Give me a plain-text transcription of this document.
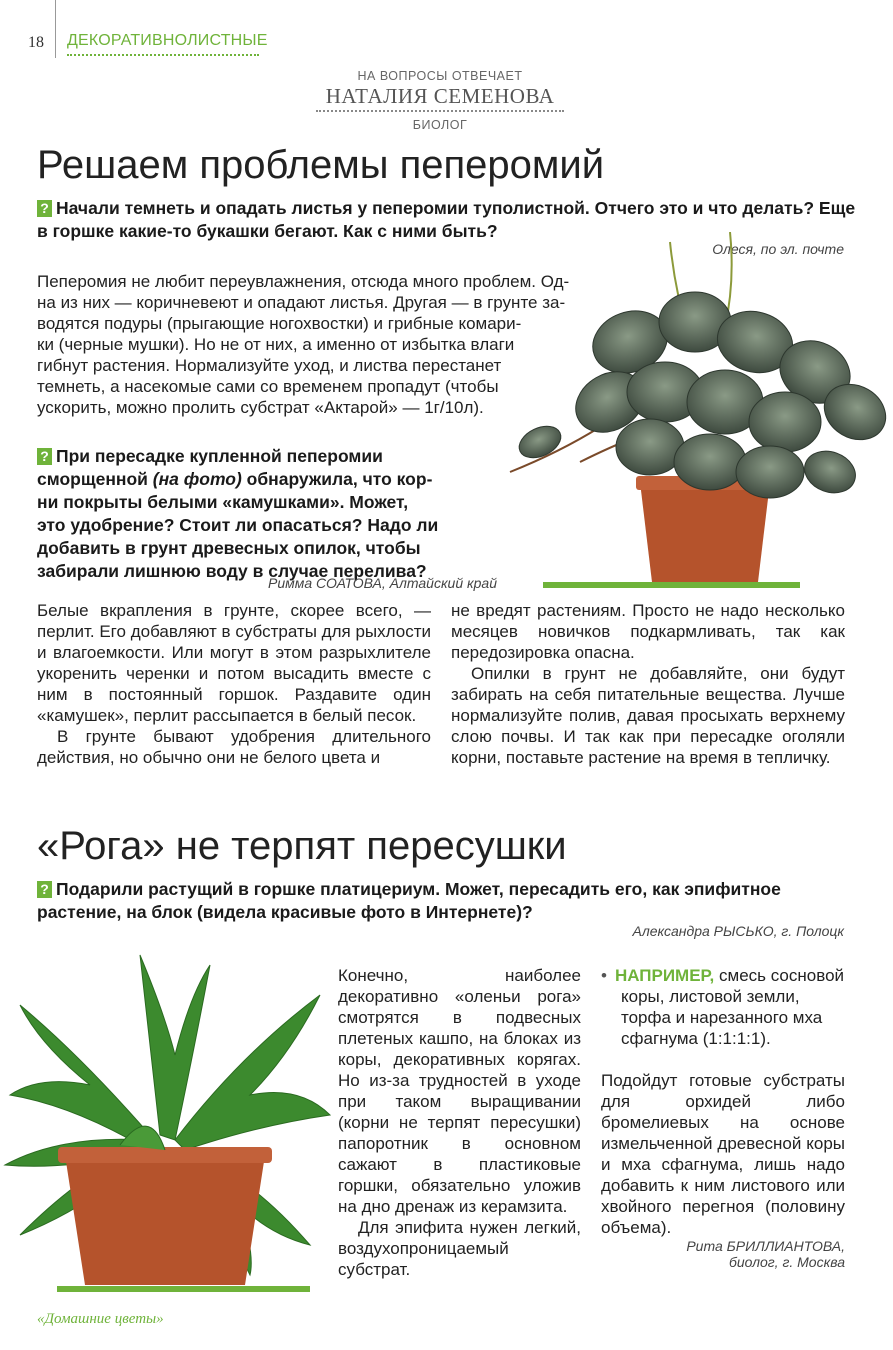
18 ДЕКОРАТИВНОЛИСТНЫЕ
НА ВОПРОСЫ ОТВЕЧАЕТ
НАТАЛИЯ СЕМЕНОВА
БИОЛОГ
Решаем проблемы пеперомий

? Начали темнеть и опадать листья у пеперомии туполистной. Отчего это и что делать? Еще в горшке какие-то букашки бегают. Как с ними быть?

Олеся, по эл. почте
Пеперомия не любит переувлажнения, отсюда много проблем. Од-
на из них — коричневеют и опадают листья. Другая — в грунте за-
водятся подуры (прыгающие ногохвостки) и грибные комари-
ки (черные мушки). Но не от них, а именно от избытка влаги
гибнут растения. Нормализуйте уход, и листва перестанет
темнеть, а насекомые сами со временем пропадут (чтобы
ускорить, можно пролить субстрат «Актарой» — 1г/10л).

? При пересадке купленной пеперомии

сморщенной (на фото) обнаружила, что кор-

ни покрыты белыми «камушками». Может,

это удобрение? Стоит ли опасаться? Надо ли

добавить в грунт древесных опилок, чтобы

забирали лишнюю воду в случае перелива?

Римма СОАТОВА, Алтайский край

Белые вкрапления в грунте, скорее всего, — перлит. Его добавляют в субстраты для рыхлости и влагоемкости. Или могут в этом разрыхлителе укоренить черенки и потом высадить вместе с ним в постоянный горшок. Раздавите один «камушек», перлит рассыпается в белый песок.

В грунте бывают удобрения длительного действия, но обычно они не белого цвета и

не вредят растениям. Просто не надо несколько месяцев новичков подкармливать, так как передозировка опасна.

Опилки в грунт не добавляйте, они будут забирать на себя питательные вещества. Лучше нормализуйте полив, давая просыхать верхнему слою почвы. И так как при пересадке оголяли корни, поставьте растение на время в тепличку.

«Рога» не терпят пересушки

? Подарили растущий в горшке платицериум. Может, пересадить его, как эпифитное растение, на блок (видела красивые фото в Интернете)?

Александра РЫСЬКО, г. Полоцк

Конечно, наиболее декоративно «оленьи рога» смотрятся в подвесных плетеных кашпо, на блоках из коры, декоративных корягах. Но из-за трудностей в уходе при таком выращивании (корни не терпят пересушки) папоротник в основном сажают в пластиковые горшки, обязательно уложив на дно дренаж из керамзита.

Для эпифита нужен легкий, воздухопроницаемый субстрат.

• НАПРИМЕР, смесь сосновой коры, листовой земли, торфа и нарезанного мха сфагнума (1:1:1:1).

Подойдут готовые субстраты для орхидей либо бромелиевых на основе измельченной древесной коры и мха сфагнума, лишь надо добавить к ним листового или хвойного перегноя (половину объема).

Рита БРИЛЛИАНТОВА,
биолог, г. Москва
«Домашние цветы»
